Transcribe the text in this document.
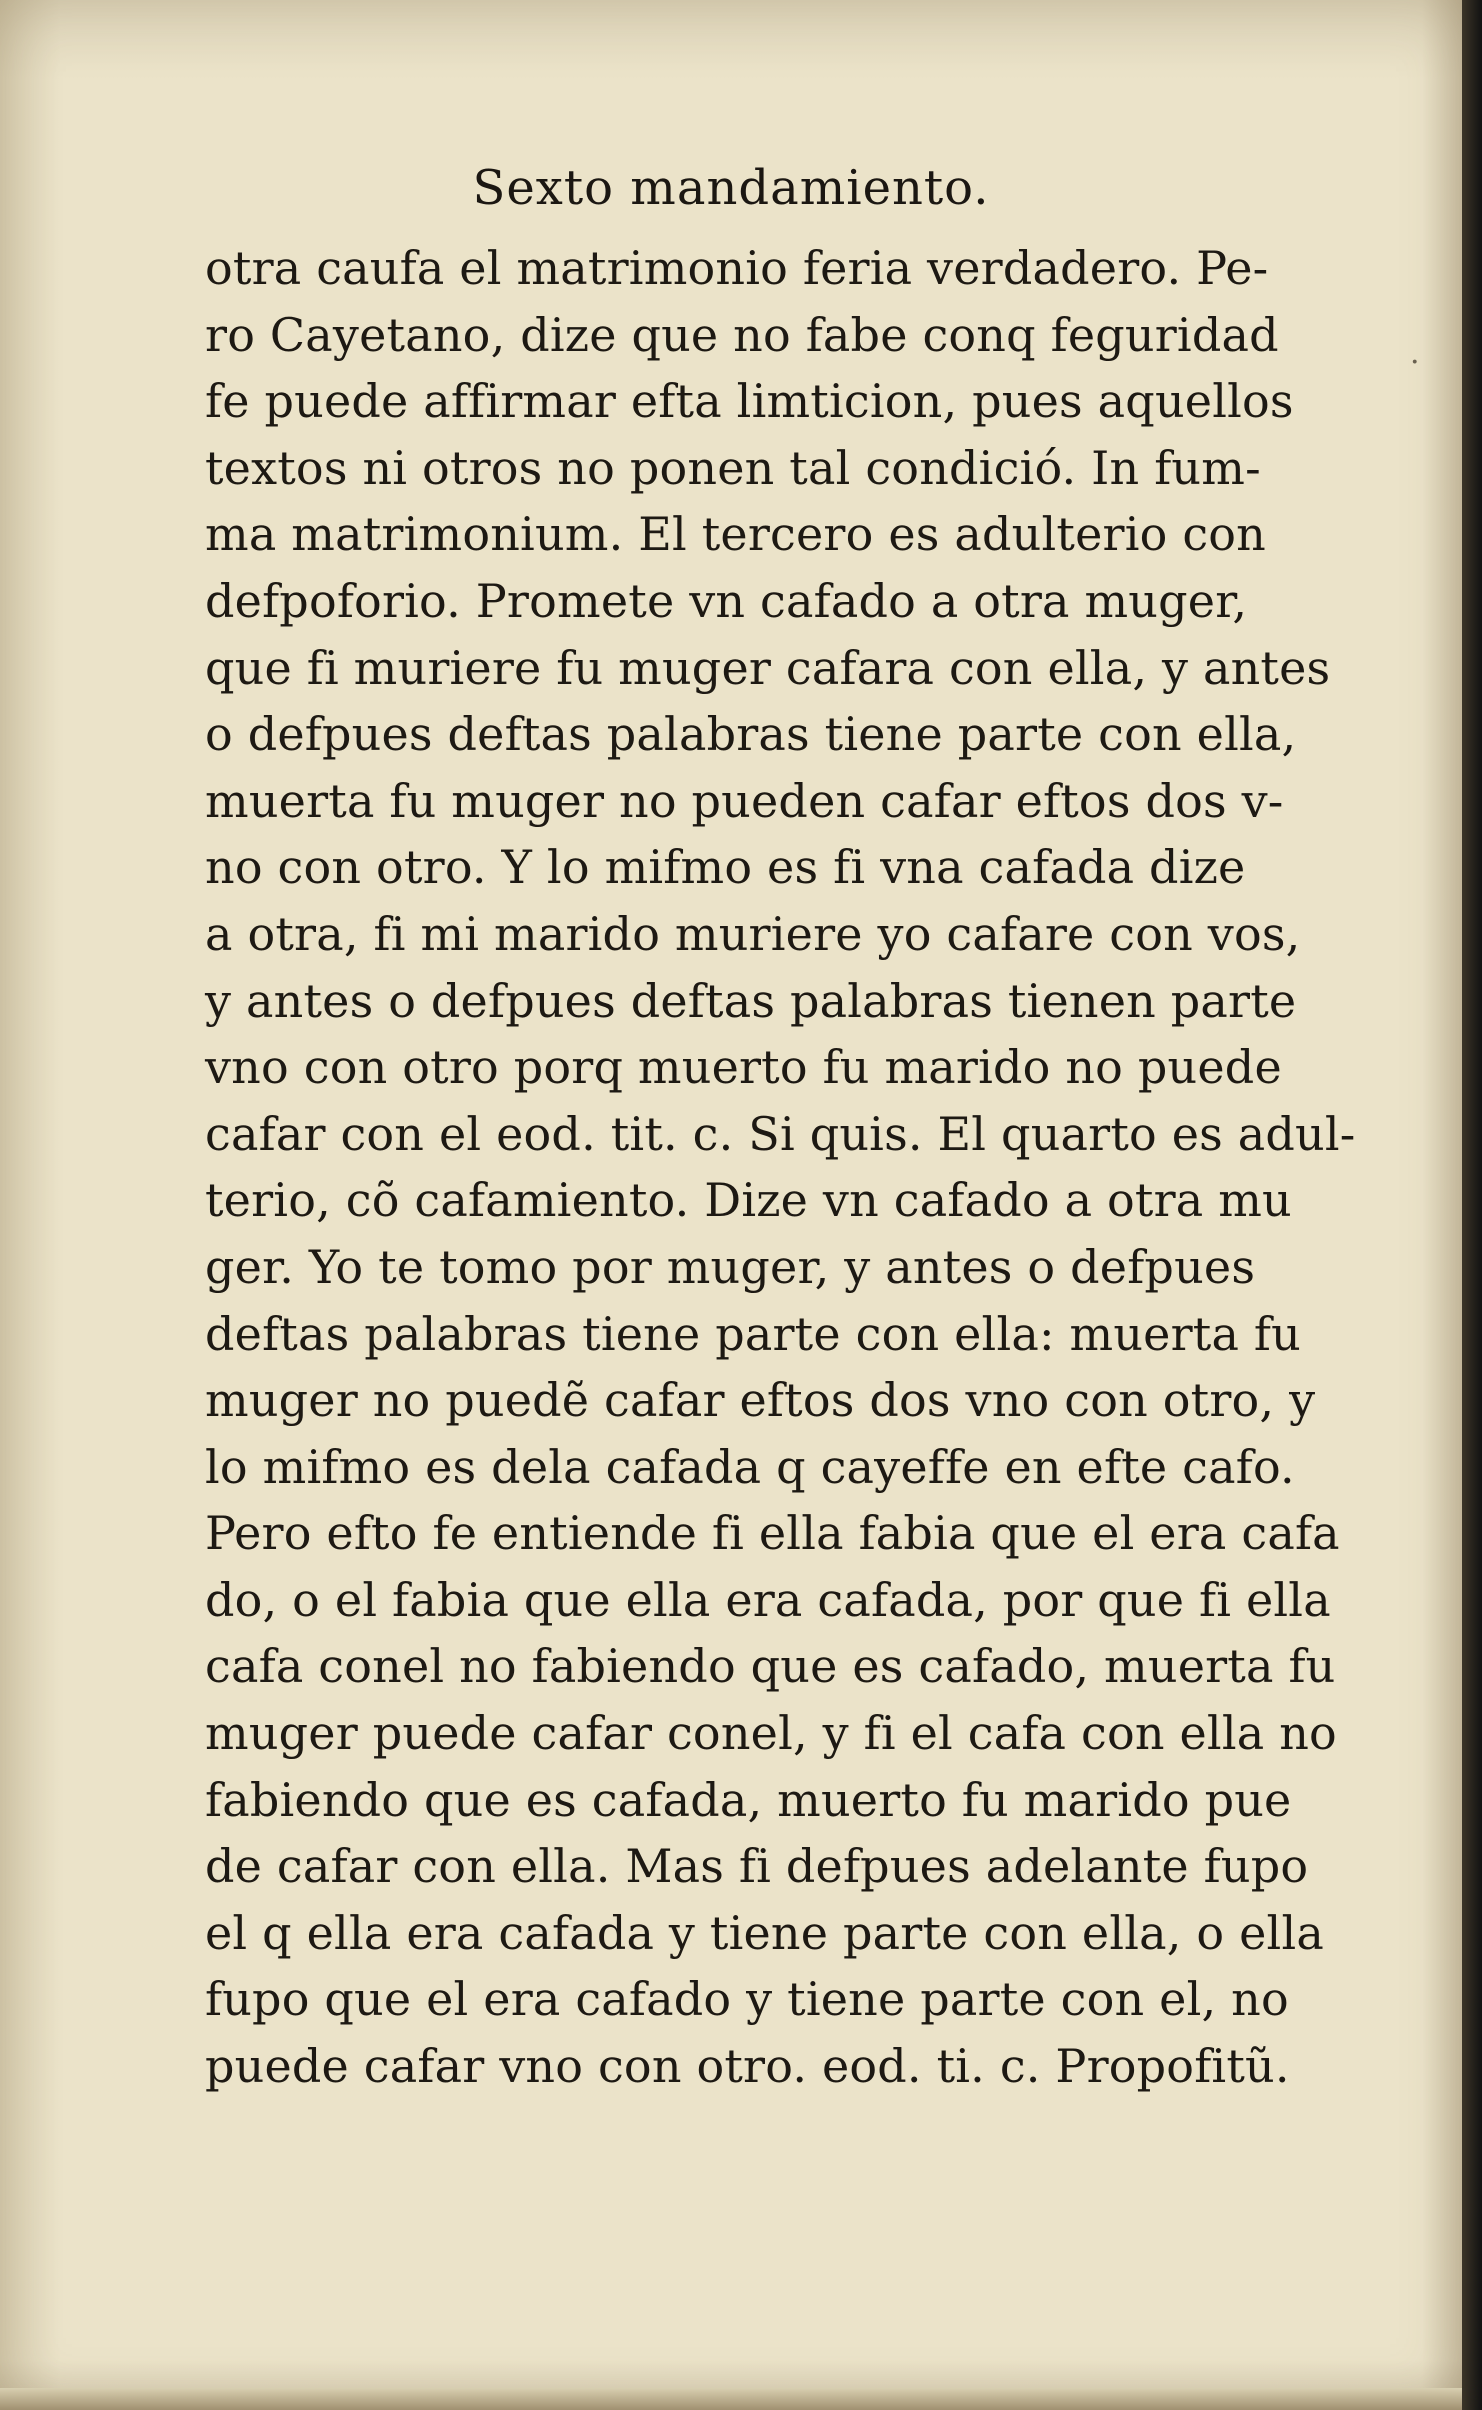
Sexto mandamiento.
·
otra caufa el matrimonio feria verdadero. Pe-
ro Cayetano, dize que no fabe conq feguridad
fe puede affirmar efta limticion, pues aquellos
textos ni otros no ponen tal condició. In fum-
ma matrimonium. El tercero es adulterio con
defpoforio. Promete vn cafado a otra muger,
que fi muriere fu muger cafara con ella, y antes
o defpues deftas palabras tiene parte con ella,
muerta fu muger no pueden cafar eftos dos v-
no con otro. Y lo mifmo es fi vna cafada dize
a otra, fi mi marido muriere yo cafare con vos,
y antes o defpues deftas palabras tienen parte
vno con otro porq muerto fu marido no puede
cafar con el eod. tit. c. Si quis. El quarto es adul-
terio, cõ cafamiento. Dize vn cafado a otra mu
ger. Yo te tomo por muger, y antes o defpues
deftas palabras tiene parte con ella: muerta fu
muger no puedẽ cafar eftos dos vno con otro, y
lo mifmo es dela cafada q cayeffe en efte cafo.
Pero efto fe entiende fi ella fabia que el era cafa
do, o el fabia que ella era cafada, por que fi ella
cafa conel no fabiendo que es cafado, muerta fu
muger puede cafar conel, y fi el cafa con ella no
fabiendo que es cafada, muerto fu marido pue
de cafar con ella. Mas fi defpues adelante fupo
el q ella era cafada y tiene parte con ella, o ella
fupo que el era cafado y tiene parte con el, no
puede cafar vno con otro. eod. ti. c. Propofitũ.
